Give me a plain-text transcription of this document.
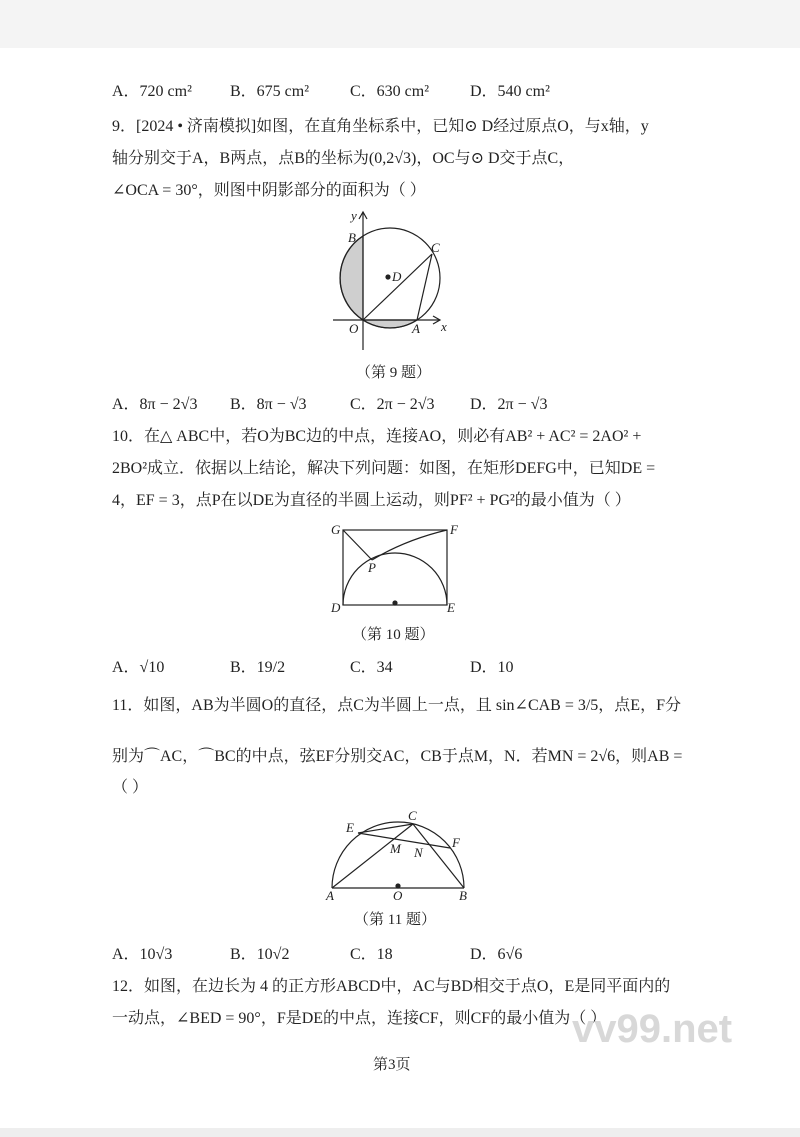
A．720 cm² B．675 cm²	C．630 cm²	D．540 cm²
9．[2024 • 济南模拟]如图，在直角坐标系中，已知⊙ D经过原点O，与x轴，y
轴分别交于A，B两点，点B的坐标为(0,2√3)，OC与⊙ D交于点C，
∠OCA = 30°，则图中阴影部分的面积为（ ）
（第 9 题）
A．8π − 2√3 B．8π − √3	C．2π − 2√3 D．2π − √3
10．在△ ABC中，若O为BC边的中点，连接AO，则必有AB² + AC² = 2AO² +
2BO²成立．依据以上结论，解决下列问题：如图，在矩形DEFG中，已知DE =
4，EF = 3，点P在以DE为直径的半圆上运动，则PF² + PG²的最小值为（ ）
（第 10 题）
A．√10	B．19/2	C．34	D．10
11．如图，AB为半圆O的直径，点C为半圆上一点，且 sin∠CAB = 3/5，点E，F分
别为⌒AC，⌒BC的中点，弦EF分别交AC，CB于点M，N．若MN = 2√6，则AB =
（ ）
（第 11 题）
A．10√3	B．10√2	C．18	D．6√6
12．如图，在边长为 4 的正方形ABCD中，AC与BD相交于点O，E是同平面内的
一动点，∠BED = 90°，F是DE的中点，连接CF，则CF的最小值为（ ）
vv99.net
第3页
y
B
C
D
O	A x
G	F
P
D	E
C
E
F
M N
A	O	B
